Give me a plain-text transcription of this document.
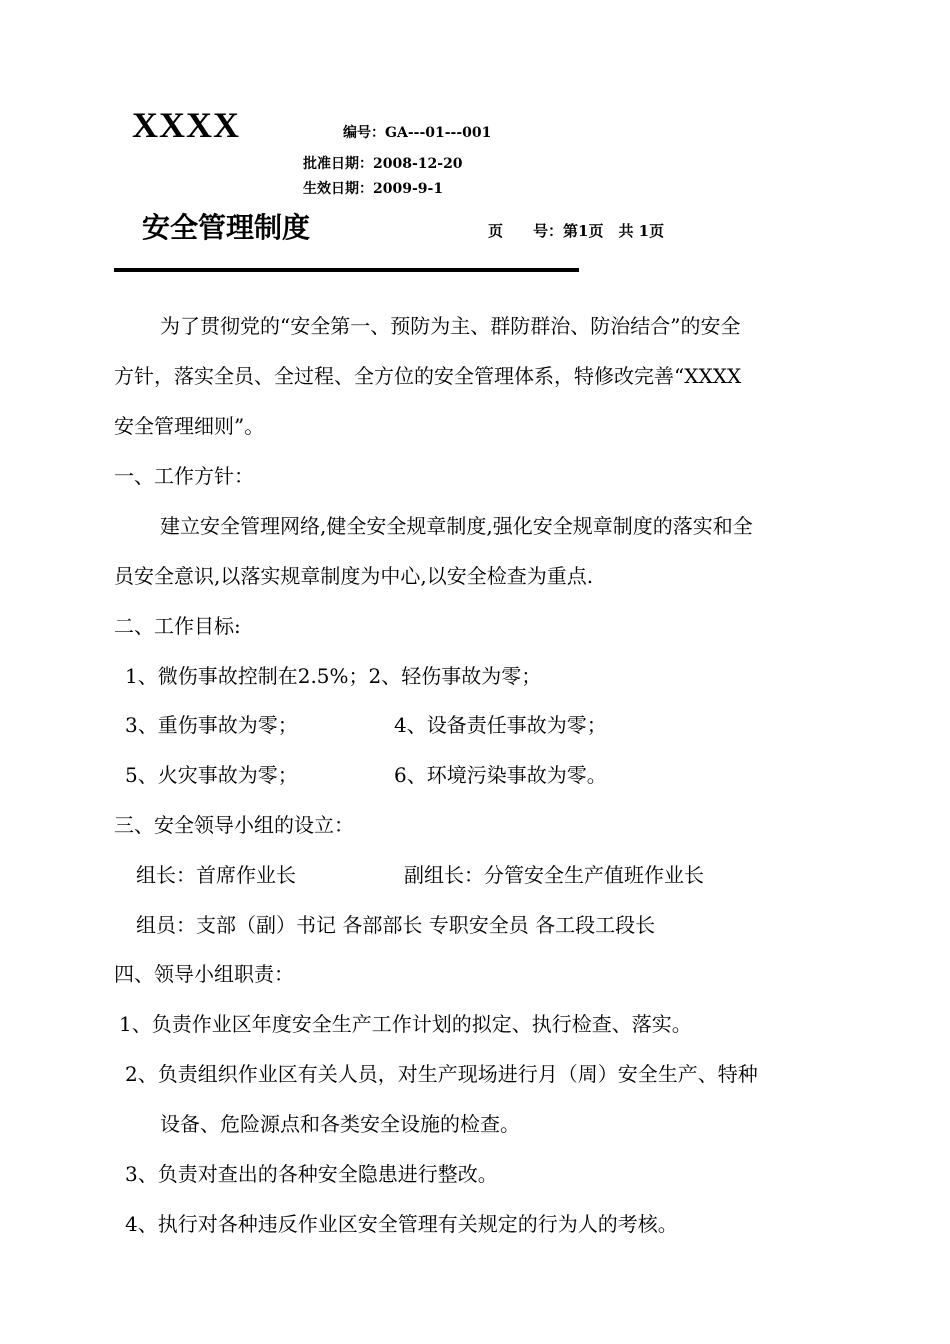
XXXX	编号：GA---01---001
批准日期：2008-12-20
生效日期：2009-9-1
安全管理制度	页　　号：第1页　共 1页
为了贯彻党的“安全第一、预防为主、群防群治、防治结合”的安全
方针，落实全员、全过程、全方位的安全管理体系，特修改完善“XXXX
安全管理细则”。
一、工作方针：
建立安全管理网络,健全安全规章制度,强化安全规章制度的落实和全
员安全意识,以落实规章制度为中心,以安全检查为重点.
二、工作目标:
1、微伤事故控制在2.5%；2、轻伤事故为零；
3、重伤事故为零；	4、设备责任事故为零；
5、火灾事故为零；	6、环境污染事故为零。
三、安全领导小组的设立：
组长：首席作业长	副组长：分管安全生产值班作业长
组员：支部（副）书记 各部部长 专职安全员 各工段工段长
四、领导小组职责：
1、负责作业区年度安全生产工作计划的拟定、执行检查、落实。
2、负责组织作业区有关人员，对生产现场进行月（周）安全生产、特种
设备、危险源点和各类安全设施的检查。
3、负责对查出的各种安全隐患进行整改。
4、执行对各种违反作业区安全管理有关规定的行为人的考核。
